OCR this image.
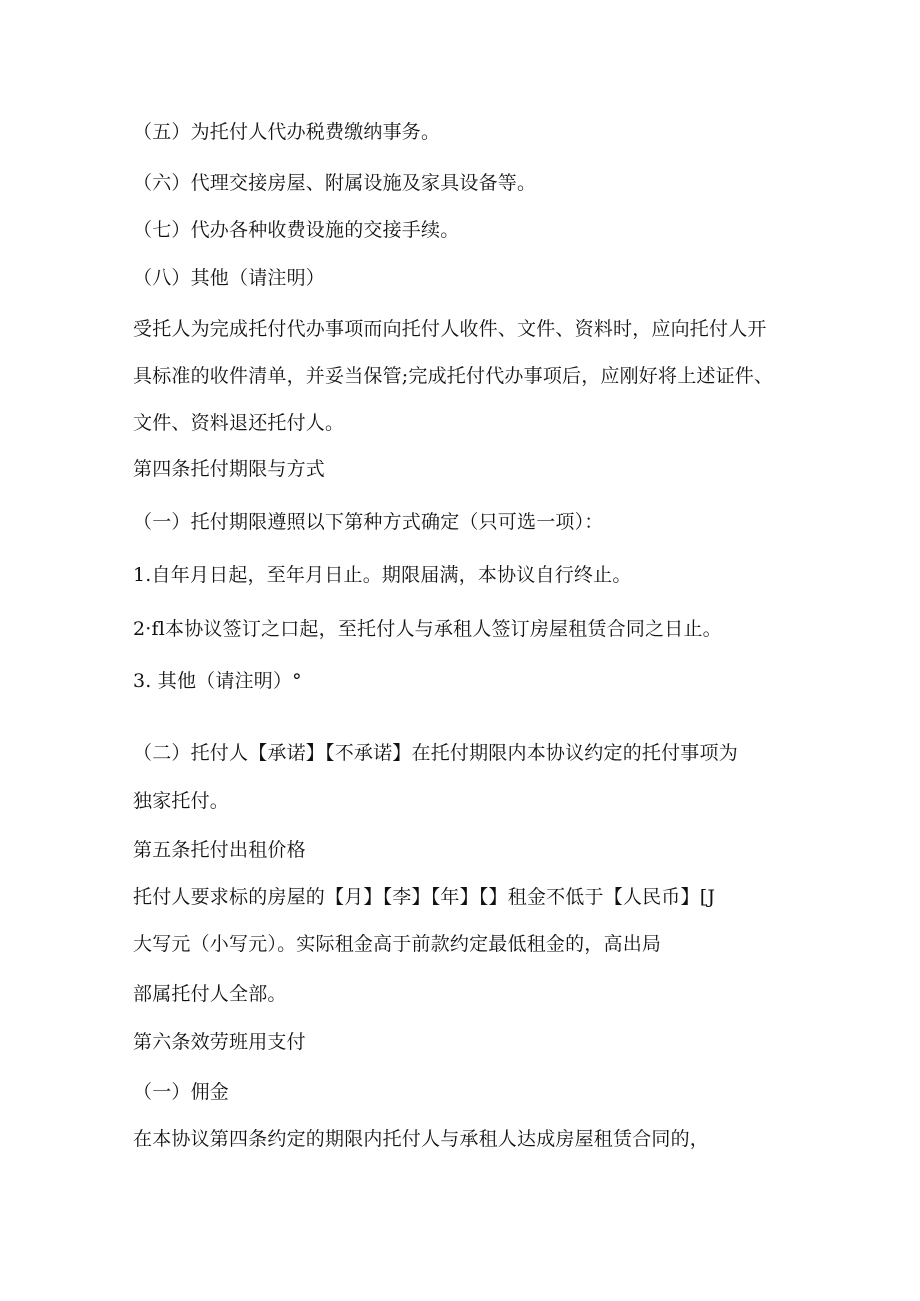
（五）为托付人代办税费缴纳事务。
（六）代理交接房屋、附属设施及家具设备等。
（七）代办各种收费设施的交接手续。
（八）其他（请注明）
受托人为完成托付代办事项而向托付人收件、文件、资料时，应向托付人开
具标准的收件清单，并妥当保管;完成托付代办事项后，应刚好将上述证件、
文件、资料退还托付人。
第四条托付期限与方式
（一）托付期限遵照以下第种方式确定（只可选一项）：
1.自年月日起，至年月日止。期限届满，本协议自行终止。
2·fl本协议签订之口起，至托付人与承租人签订房屋租赁合同之日止。
3. 其他（请注明）°
（二）托付人【承诺】【不承诺】在托付期限内本协议约定的托付事项为
独家托付。
第五条托付出租价格
托付人要求标的房屋的【月】【李】【年】【】租金不低于【人民币】[J
大写元（小写元）。实际租金高于前款约定最低租金的，高出局
部属托付人全部。
第六条效劳班用支付
（一）佣金
在本协议第四条约定的期限内托付人与承租人达成房屋租赁合同的，
